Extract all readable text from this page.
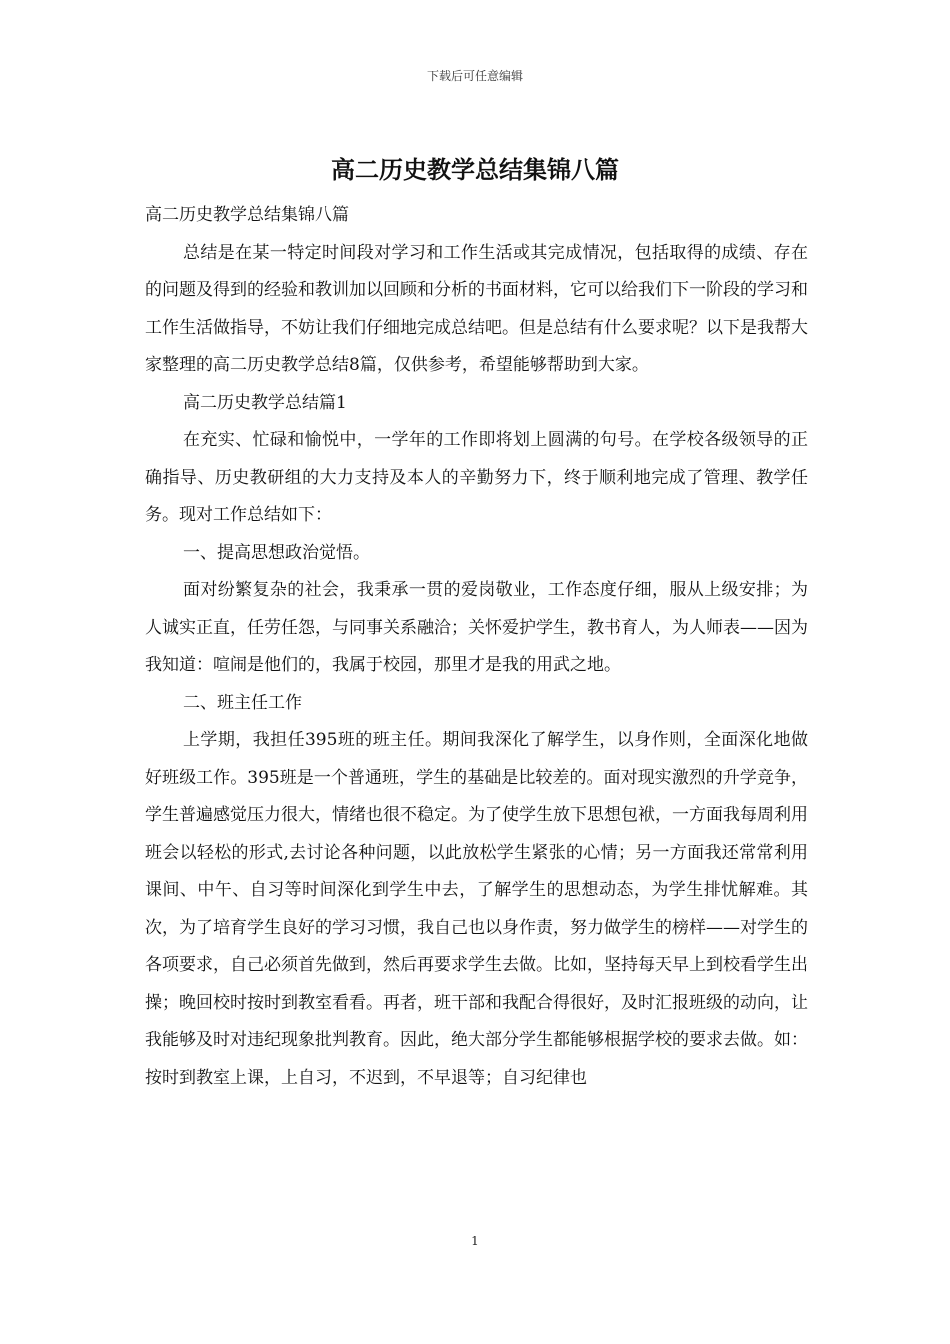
下载后可任意编辑
高二历史教学总结集锦八篇

高二历史教学总结集锦八篇

总结是在某一特定时间段对学习和工作生活或其完成情况，包括取得的成绩、存在的问题及得到的经验和教训加以回顾和分析的书面材料，它可以给我们下一阶段的学习和工作生活做指导，不妨让我们仔细地完成总结吧。但是总结有什么要求呢？以下是我帮大家整理的高二历史教学总结8篇，仅供参考，希望能够帮助到大家。

高二历史教学总结篇1

在充实、忙碌和愉悦中，一学年的工作即将划上圆满的句号。在学校各级领导的正确指导、历史教研组的大力支持及本人的辛勤努力下，终于顺利地完成了管理、教学任务。现对工作总结如下：

一、提高思想政治觉悟。

面对纷繁复杂的社会，我秉承一贯的爱岗敬业，工作态度仔细，服从上级安排；为人诚实正直，任劳任怨，与同事关系融洽；关怀爱护学生，教书育人，为人师表——因为我知道：喧闹是他们的，我属于校园，那里才是我的用武之地。

二、班主任工作

上学期，我担任395班的班主任。期间我深化了解学生，以身作则，全面深化地做好班级工作。395班是一个普通班，学生的基础是比较差的。面对现实激烈的升学竞争，学生普遍感觉压力很大，情绪也很不稳定。为了使学生放下思想包袱，一方面我每周利用班会以轻松的形式,去讨论各种问题，以此放松学生紧张的心情；另一方面我还常常利用课间、中午、自习等时间深化到学生中去，了解学生的思想动态，为学生排忧解难。其次，为了培育学生良好的学习习惯，我自己也以身作责，努力做学生的榜样——对学生的各项要求，自己必须首先做到，然后再要求学生去做。比如，坚持每天早上到校看学生出操；晚回校时按时到教室看看。再者，班干部和我配合得很好，及时汇报班级的动向，让我能够及时对违纪现象批判教育。因此，绝大部分学生都能够根据学校的要求去做。如：按时到教室上课，上自习，不迟到，不早退等；自习纪律也

1
